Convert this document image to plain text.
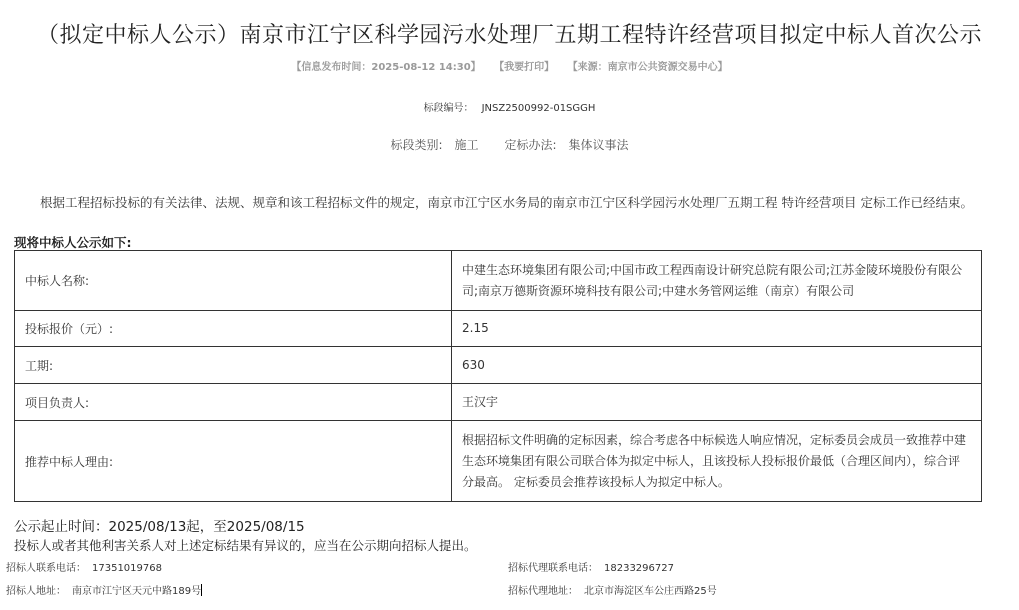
（拟定中标人公示）南京市江宁区科学园污水处理厂五期工程特许经营项目拟定中标人首次公示
【信息发布时间：2025-08-12 14:30】 【我要打印】 【来源：南京市公共资源交易中心】
标段编号： JNSZ2500992-01SGGH
标段类别: 施工 定标办法: 集体议事法

根据工程招标投标的有关法律、法规、规章和该工程招标文件的规定，南京市江宁区水务局的南京市江宁区科学园污水处理厂五期工程 特许经营项目 定标工作已经结束。

现将中标人公示如下:
中标人名称:	中建生态环境集团有限公司;中国市政工程西南设计研究总院有限公司;江苏金陵环境股份有限公司;南京万德斯资源环境科技有限公司;中建水务管网运维（南京）有限公司
投标报价（元）:	2.15
工期:	630
项目负责人:	王汉宇
推荐中标人理由:	根据招标文件明确的定标因素，综合考虑各中标候选人响应情况，定标委员会成员一致推荐中建生态环境集团有限公司联合体为拟定中标人，且该投标人投标报价最低（合理区间内），综合评分最高。 定标委员会推荐该投标人为拟定中标人。
公示起止时间：2025/08/13起，至2025/08/15
投标人或者其他利害关系人对上述定标结果有异议的，应当在公示期向招标人提出。
招标人联系电话： 17351019768	招标代理联系电话： 18233296727
招标人地址： 南京市江宁区天元中路189号	招标代理地址： 北京市海淀区车公庄西路25号
